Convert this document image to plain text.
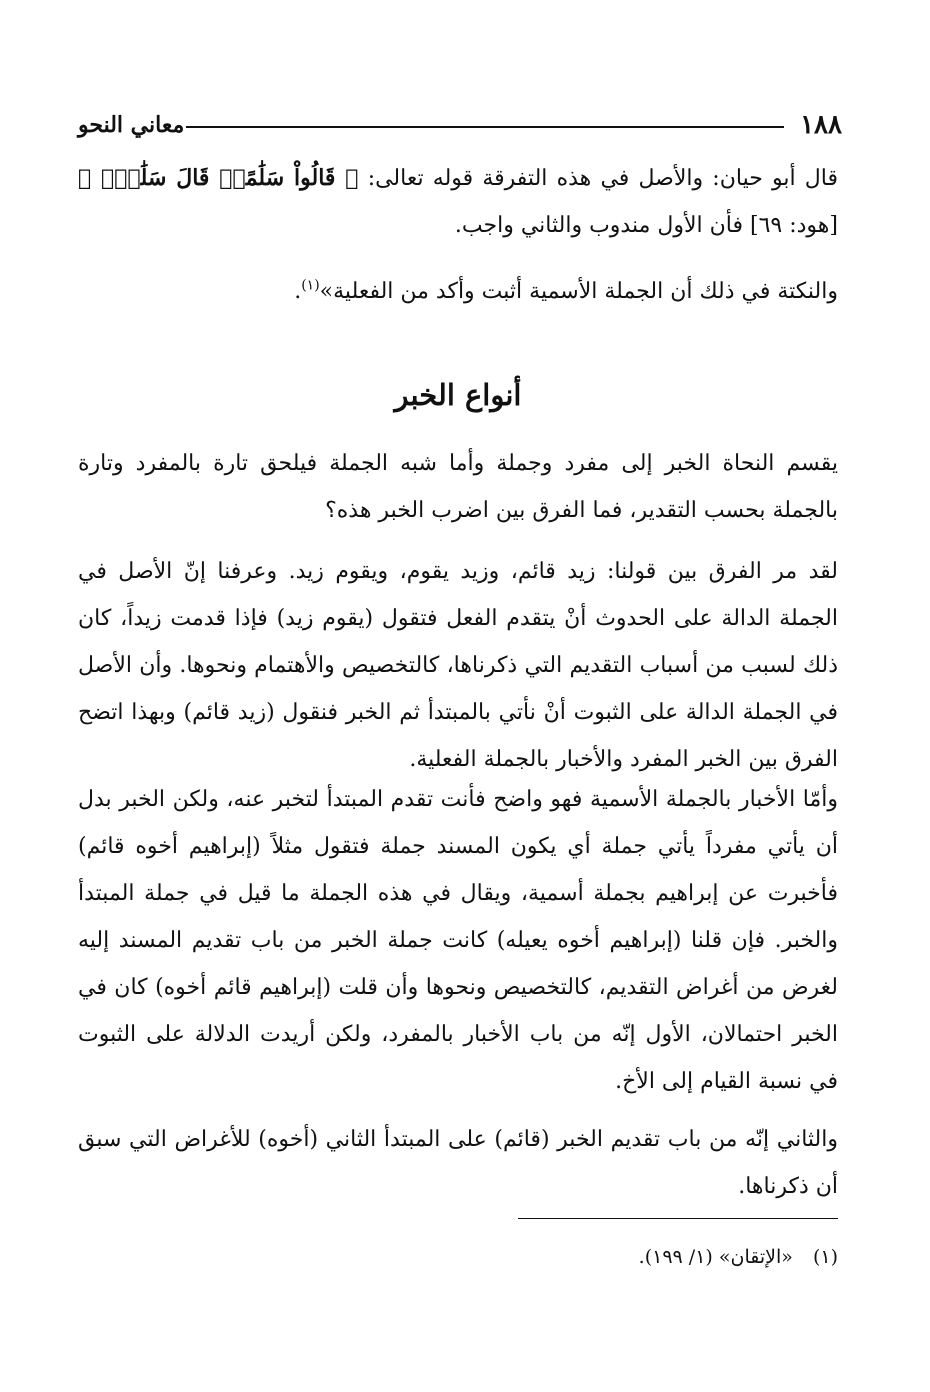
١٨٨
معاني النحو
قال أبو حيان: والأصل في هذه التفرقة قوله تعالى: ﴿ قَالُواْ سَلَٰمًاۖ قَالَ سَلَٰمٌۖ ﴾ [هود: ٦٩] فأن الأول مندوب والثاني واجب.
والنكتة في ذلك أن الجملة الأسمية أثبت وأكد من الفعلية»$^{(١)}$.
أنواع الخبر
يقسم النحاة الخبر إلى مفرد وجملة وأما شبه الجملة فيلحق تارة بالمفرد وتارة بالجملة بحسب التقدير، فما الفرق بين اضرب الخبر هذه؟
لقد مر الفرق بين قولنا: زيد قائم، وزيد يقوم، ويقوم زيد. وعرفنا إنّ الأصل في الجملة الدالة على الحدوث أنْ يتقدم الفعل فتقول (يقوم زيد) فإذا قدمت زيداً، كان ذلك لسبب من أسباب التقديم التي ذكرناها، كالتخصيص والأهتمام ونحوها. وأن الأصل في الجملة الدالة على الثبوت أنْ نأتي بالمبتدأ ثم الخبر فنقول (زيد قائم) وبهذا اتضح الفرق بين الخبر المفرد والأخبار بالجملة الفعلية.
وأمّا الأخبار بالجملة الأسمية فهو واضح فأنت تقدم المبتدأ لتخبر عنه، ولكن الخبر بدل أن يأتي مفرداً يأتي جملة أي يكون المسند جملة فتقول مثلاً (إبراهيم أخوه قائم) فأخبرت عن إبراهيم بجملة أسمية، ويقال في هذه الجملة ما قيل في جملة المبتدأ والخبر. فإن قلنا (إبراهيم أخوه يعيله) كانت جملة الخبر من باب تقديم المسند إليه لغرض من أغراض التقديم، كالتخصيص ونحوها وأن قلت (إبراهيم قائم أخوه) كان في الخبر احتمالان، الأول إنّه من باب الأخبار بالمفرد، ولكن أريدت الدلالة على الثبوت في نسبة القيام إلى الأخ.
والثاني إنّه من باب تقديم الخبر (قائم) على المبتدأ الثاني (أخوه) للأغراض التي سبق أن ذكرناها.
(١) «الإتقان» (١/ ١٩٩).
